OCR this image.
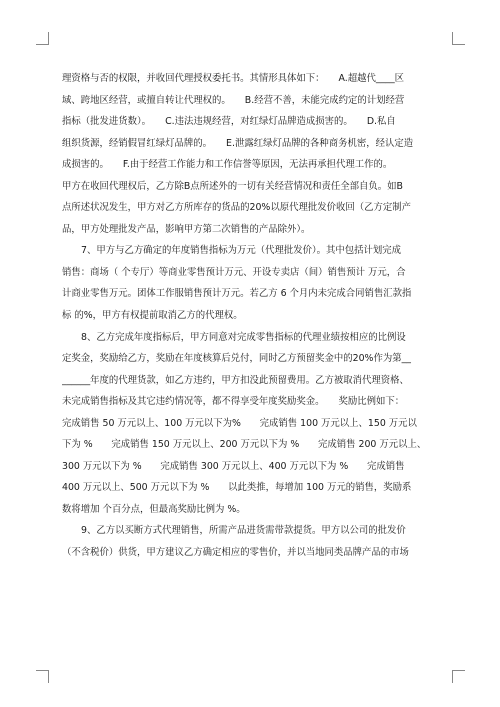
理资格与否的权限，并收回代理授权委托书。其情形具体如下：　　A.超越代____区
域、跨地区经营，或擅自转让代理权的。　　B.经营不善，未能完成约定的计划经营
指标（批发进货数）。　　C.违法违规经营，对红绿灯品牌造成损害的。　　D.私自
组织货源，经销假冒红绿灯品牌的。　　E.泄露红绿灯品牌的各种商务机密，经认定造
成损害的。　　F.由于经营工作能力和工作信誉等原因，无法再承担代理工作的。
甲方在收回代理权后，乙方除B点所述外的一切有关经营情况和责任全部自负。如B
点所述状况发生，甲方对乙方所库存的货品的20%以原代理批发价收回（乙方定制产
品，甲方处理批发产品，影响甲方第二次销售的产品除外）。
7、甲方与乙方确定的年度销售指标为万元（代理批发价）。其中包括计划完成
销售：商场（ 个专厅）等商业零售预计万元、开设专卖店（间）销售预计 万元，合
计商业零售万元。团体工作服销售预计万元。若乙方 6 个月内未完成合同销售汇款指
标 的%，甲方有权提前取消乙方的代理权。
8、乙方完成年度指标后，甲方同意对完成零售指标的代理业绩按相应的比例设
定奖金，奖励给乙方，奖励在年度核算后兑付，同时乙方预留奖金中的20%作为第__
______年度的代理货款，如乙方违约，甲方扣没此预留费用。乙方被取消代理资格、
未完成销售指标及其它违约情况等，都不得享受年度奖励奖金。　　奖励比例如下：
完成销售 50 万元以上、100 万元以下为%　　完成销售 100 万元以上、150 万元以
下为 %　　完成销售 150 万元以上、200 万元以下为 %　　完成销售 200 万元以上、
300 万元以下为 %　　完成销售 300 万元以上、400 万元以下为 %　　完成销售
400 万元以上、500 万元以下为 %　　以此类推，每增加 100 万元的销售，奖励系
数将增加 个百分点，但最高奖励比例为 %。
9、乙方以买断方式代理销售，所需产品进货需带款提货。甲方以公司的批发价
（不含税价）供货，甲方建议乙方确定相应的零售价，并以当地同类品牌产品的市场
